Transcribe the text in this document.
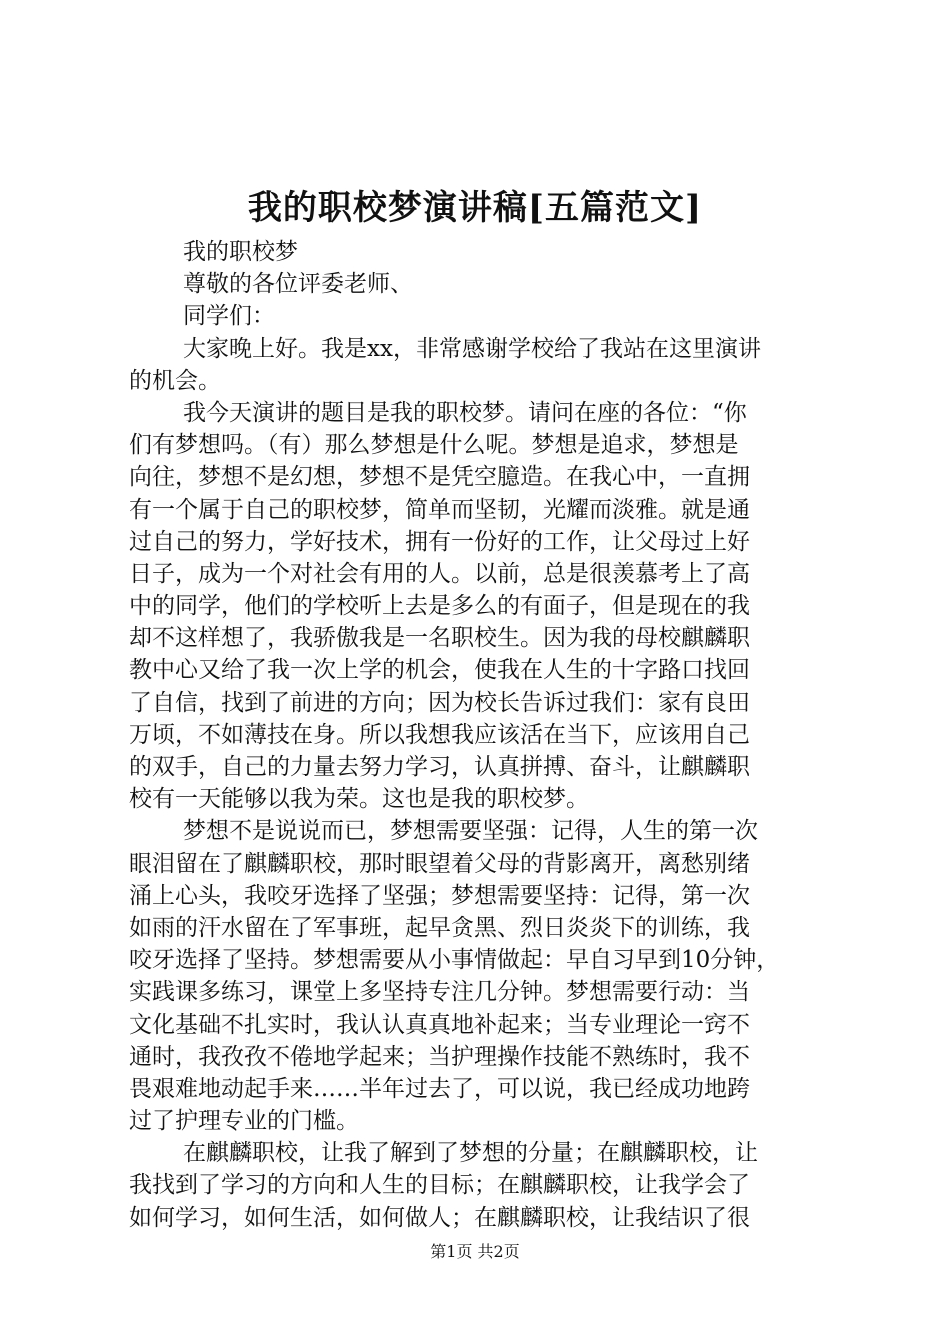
我的职校梦演讲稿[五篇范文]
我的职校梦
尊敬的各位评委老师、
同学们：
大家晚上好。我是xx，非常感谢学校给了我站在这里演讲
的机会。
我今天演讲的题目是我的职校梦。请问在座的各位：“你
们有梦想吗。（有）那么梦想是什么呢。梦想是追求，梦想是
向往，梦想不是幻想，梦想不是凭空臆造。在我心中，一直拥
有一个属于自己的职校梦，简单而坚韧，光耀而淡雅。就是通
过自己的努力，学好技术，拥有一份好的工作，让父母过上好
日子，成为一个对社会有用的人。以前，总是很羡慕考上了高
中的同学，他们的学校听上去是多么的有面子，但是现在的我
却不这样想了，我骄傲我是一名职校生。因为我的母校麒麟职
教中心又给了我一次上学的机会，使我在人生的十字路口找回
了自信，找到了前进的方向；因为校长告诉过我们：家有良田
万顷，不如薄技在身。所以我想我应该活在当下，应该用自己
的双手，自己的力量去努力学习，认真拼搏、奋斗，让麒麟职
校有一天能够以我为荣。这也是我的职校梦。
梦想不是说说而已，梦想需要坚强：记得，人生的第一次
眼泪留在了麒麟职校，那时眼望着父母的背影离开，离愁别绪
涌上心头，我咬牙选择了坚强；梦想需要坚持：记得，第一次
如雨的汗水留在了军事班，起早贪黑、烈日炎炎下的训练，我
咬牙选择了坚持。梦想需要从小事情做起：早自习早到10分钟，
实践课多练习，课堂上多坚持专注几分钟。梦想需要行动：当
文化基础不扎实时，我认认真真地补起来；当专业理论一窍不
通时，我孜孜不倦地学起来；当护理操作技能不熟练时，我不
畏艰难地动起手来……半年过去了，可以说，我已经成功地跨
过了护理专业的门槛。
在麒麟职校，让我了解到了梦想的分量；在麒麟职校，让
我找到了学习的方向和人生的目标；在麒麟职校，让我学会了
如何学习，如何生活，如何做人；在麒麟职校，让我结识了很
第1页 共2页
